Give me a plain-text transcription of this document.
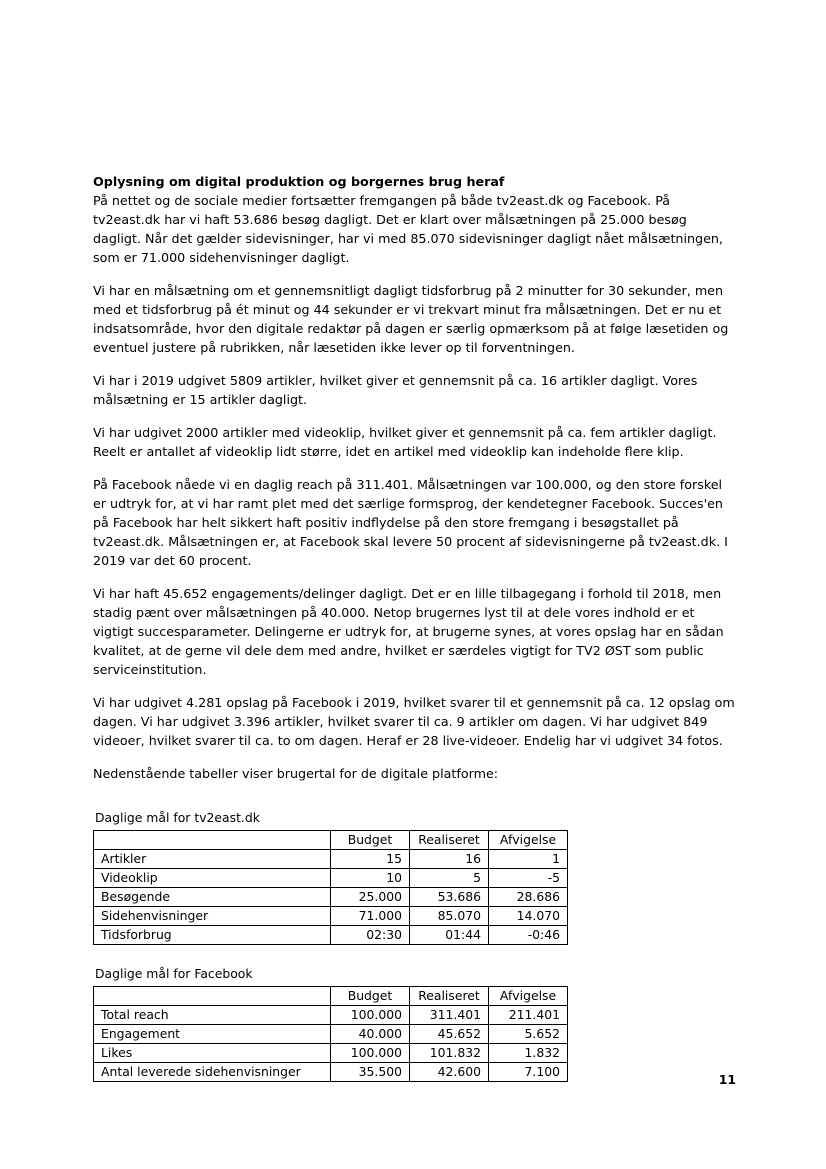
Oplysning om digital produktion og borgernes brug heraf

På nettet og de sociale medier fortsætter fremgangen på både tv2east.dk og Facebook. På tv2east.dk har vi haft 53.686 besøg dagligt. Det er klart over målsætningen på 25.000 besøg dagligt. Når det gælder sidevisninger, har vi med 85.070 sidevisninger dagligt nået målsætningen, som er 71.000 sidehenvisninger dagligt.

Vi har en målsætning om et gennemsnitligt dagligt tidsforbrug på 2 minutter for 30 sekunder, men med et tidsforbrug på ét minut og 44 sekunder er vi trekvart minut fra målsætningen. Det er nu et indsatsområde, hvor den digitale redaktør på dagen er særlig opmærksom på at følge læsetiden og eventuel justere på rubrikken, når læsetiden ikke lever op til forventningen.

Vi har i 2019 udgivet 5809 artikler, hvilket giver et gennemsnit på ca. 16 artikler dagligt. Vores målsætning er 15 artikler dagligt.

Vi har udgivet 2000 artikler med videoklip, hvilket giver et gennemsnit på ca. fem artikler dagligt. Reelt er antallet af videoklip lidt større, idet en artikel med videoklip kan indeholde flere klip.

På Facebook nåede vi en daglig reach på 311.401. Målsætningen var 100.000, og den store forskel er udtryk for, at vi har ramt plet med det særlige formsprog, der kendetegner Facebook. Succes'en på Facebook har helt sikkert haft positiv indflydelse på den store fremgang i besøgstallet på tv2east.dk. Målsætningen er, at Facebook skal levere 50 procent af sidevisningerne på tv2east.dk. I 2019 var det 60 procent.

Vi har haft 45.652 engagements/delinger dagligt. Det er en lille tilbagegang i forhold til 2018, men stadig pænt over målsætningen på 40.000. Netop brugernes lyst til at dele vores indhold er et vigtigt succesparameter. Delingerne er udtryk for, at brugerne synes, at vores opslag har en sådan kvalitet, at de gerne vil dele dem med andre, hvilket er særdeles vigtigt for TV2 ØST som public serviceinstitution.

Vi har udgivet 4.281 opslag på Facebook i 2019, hvilket svarer til et gennemsnit på ca. 12 opslag om dagen. Vi har udgivet 3.396 artikler, hvilket svarer til ca. 9 artikler om dagen. Vi har udgivet 849 videoer, hvilket svarer til ca. to om dagen. Heraf er 28 live-videoer. Endelig har vi udgivet 34 fotos.

Nedenstående tabeller viser brugertal for de digitale platforme:

Daglige mål for tv2east.dk
	Budget	Realiseret	Afvigelse
Artikler	15	16	1
Videoklip	10	5	-5
Besøgende	25.000	53.686	28.686
Sidehenvisninger	71.000	85.070	14.070
Tidsforbrug	02:30	01:44	-0:46
Daglige mål for Facebook
	Budget	Realiseret	Afvigelse
Total reach	100.000	311.401	211.401
Engagement	40.000	45.652	5.652
Likes	100.000	101.832	1.832
Antal leverede sidehenvisninger	35.500	42.600	7.100
11
